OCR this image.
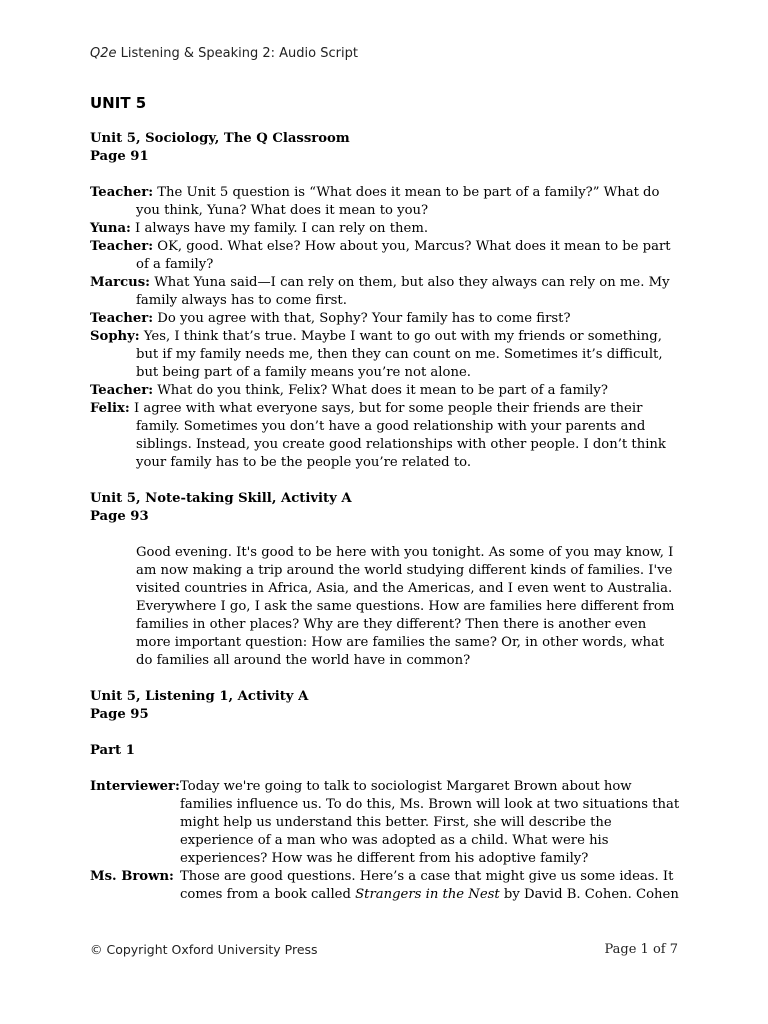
Q2e Listening & Speaking 2: Audio Script
UNIT 5
Unit 5, Sociology, The Q Classroom
Page 91
Teacher: The Unit 5 question is “What does it mean to be part of a family?” What do you think, Yuna? What does it mean to you?
Yuna: I always have my family. I can rely on them.
Teacher: OK, good. What else? How about you, Marcus? What does it mean to be part of a family?
Marcus: What Yuna said—I can rely on them, but also they always can rely on me. My family always has to come first.
Teacher: Do you agree with that, Sophy? Your family has to come first?
Sophy: Yes, I think that’s true. Maybe I want to go out with my friends or something, but if my family needs me, then they can count on me. Sometimes it’s difficult, but being part of a family means you’re not alone.
Teacher: What do you think, Felix? What does it mean to be part of a family?
Felix: I agree with what everyone says, but for some people their friends are their family. Sometimes you don’t have a good relationship with your parents and siblings. Instead, you create good relationships with other people. I don’t think your family has to be the people you’re related to.
Unit 5, Note-taking Skill, Activity A
Page 93
Good evening. It's good to be here with you tonight. As some of you may know, I am now making a trip around the world studying different kinds of families. I've visited countries in Africa, Asia, and the Americas, and I even went to Australia. Everywhere I go, I ask the same questions. How are families here different from families in other places? Why are they different? Then there is another even more important question: How are families the same? Or, in other words, what do families all around the world have in common?
Unit 5, Listening 1, Activity A
Page 95
Part 1
Interviewer: Today we're going to talk to sociologist Margaret Brown about how families influence us. To do this, Ms. Brown will look at two situations that might help us understand this better. First, she will describe the experience of a man who was adopted as a child. What were his experiences? How was he different from his adoptive family?
Ms. Brown: Those are good questions. Here’s a case that might give us some ideas. It comes from a book called Strangers in the Nest by David B. Cohen. Cohen
© Copyright Oxford University Press	Page 1 of 7
